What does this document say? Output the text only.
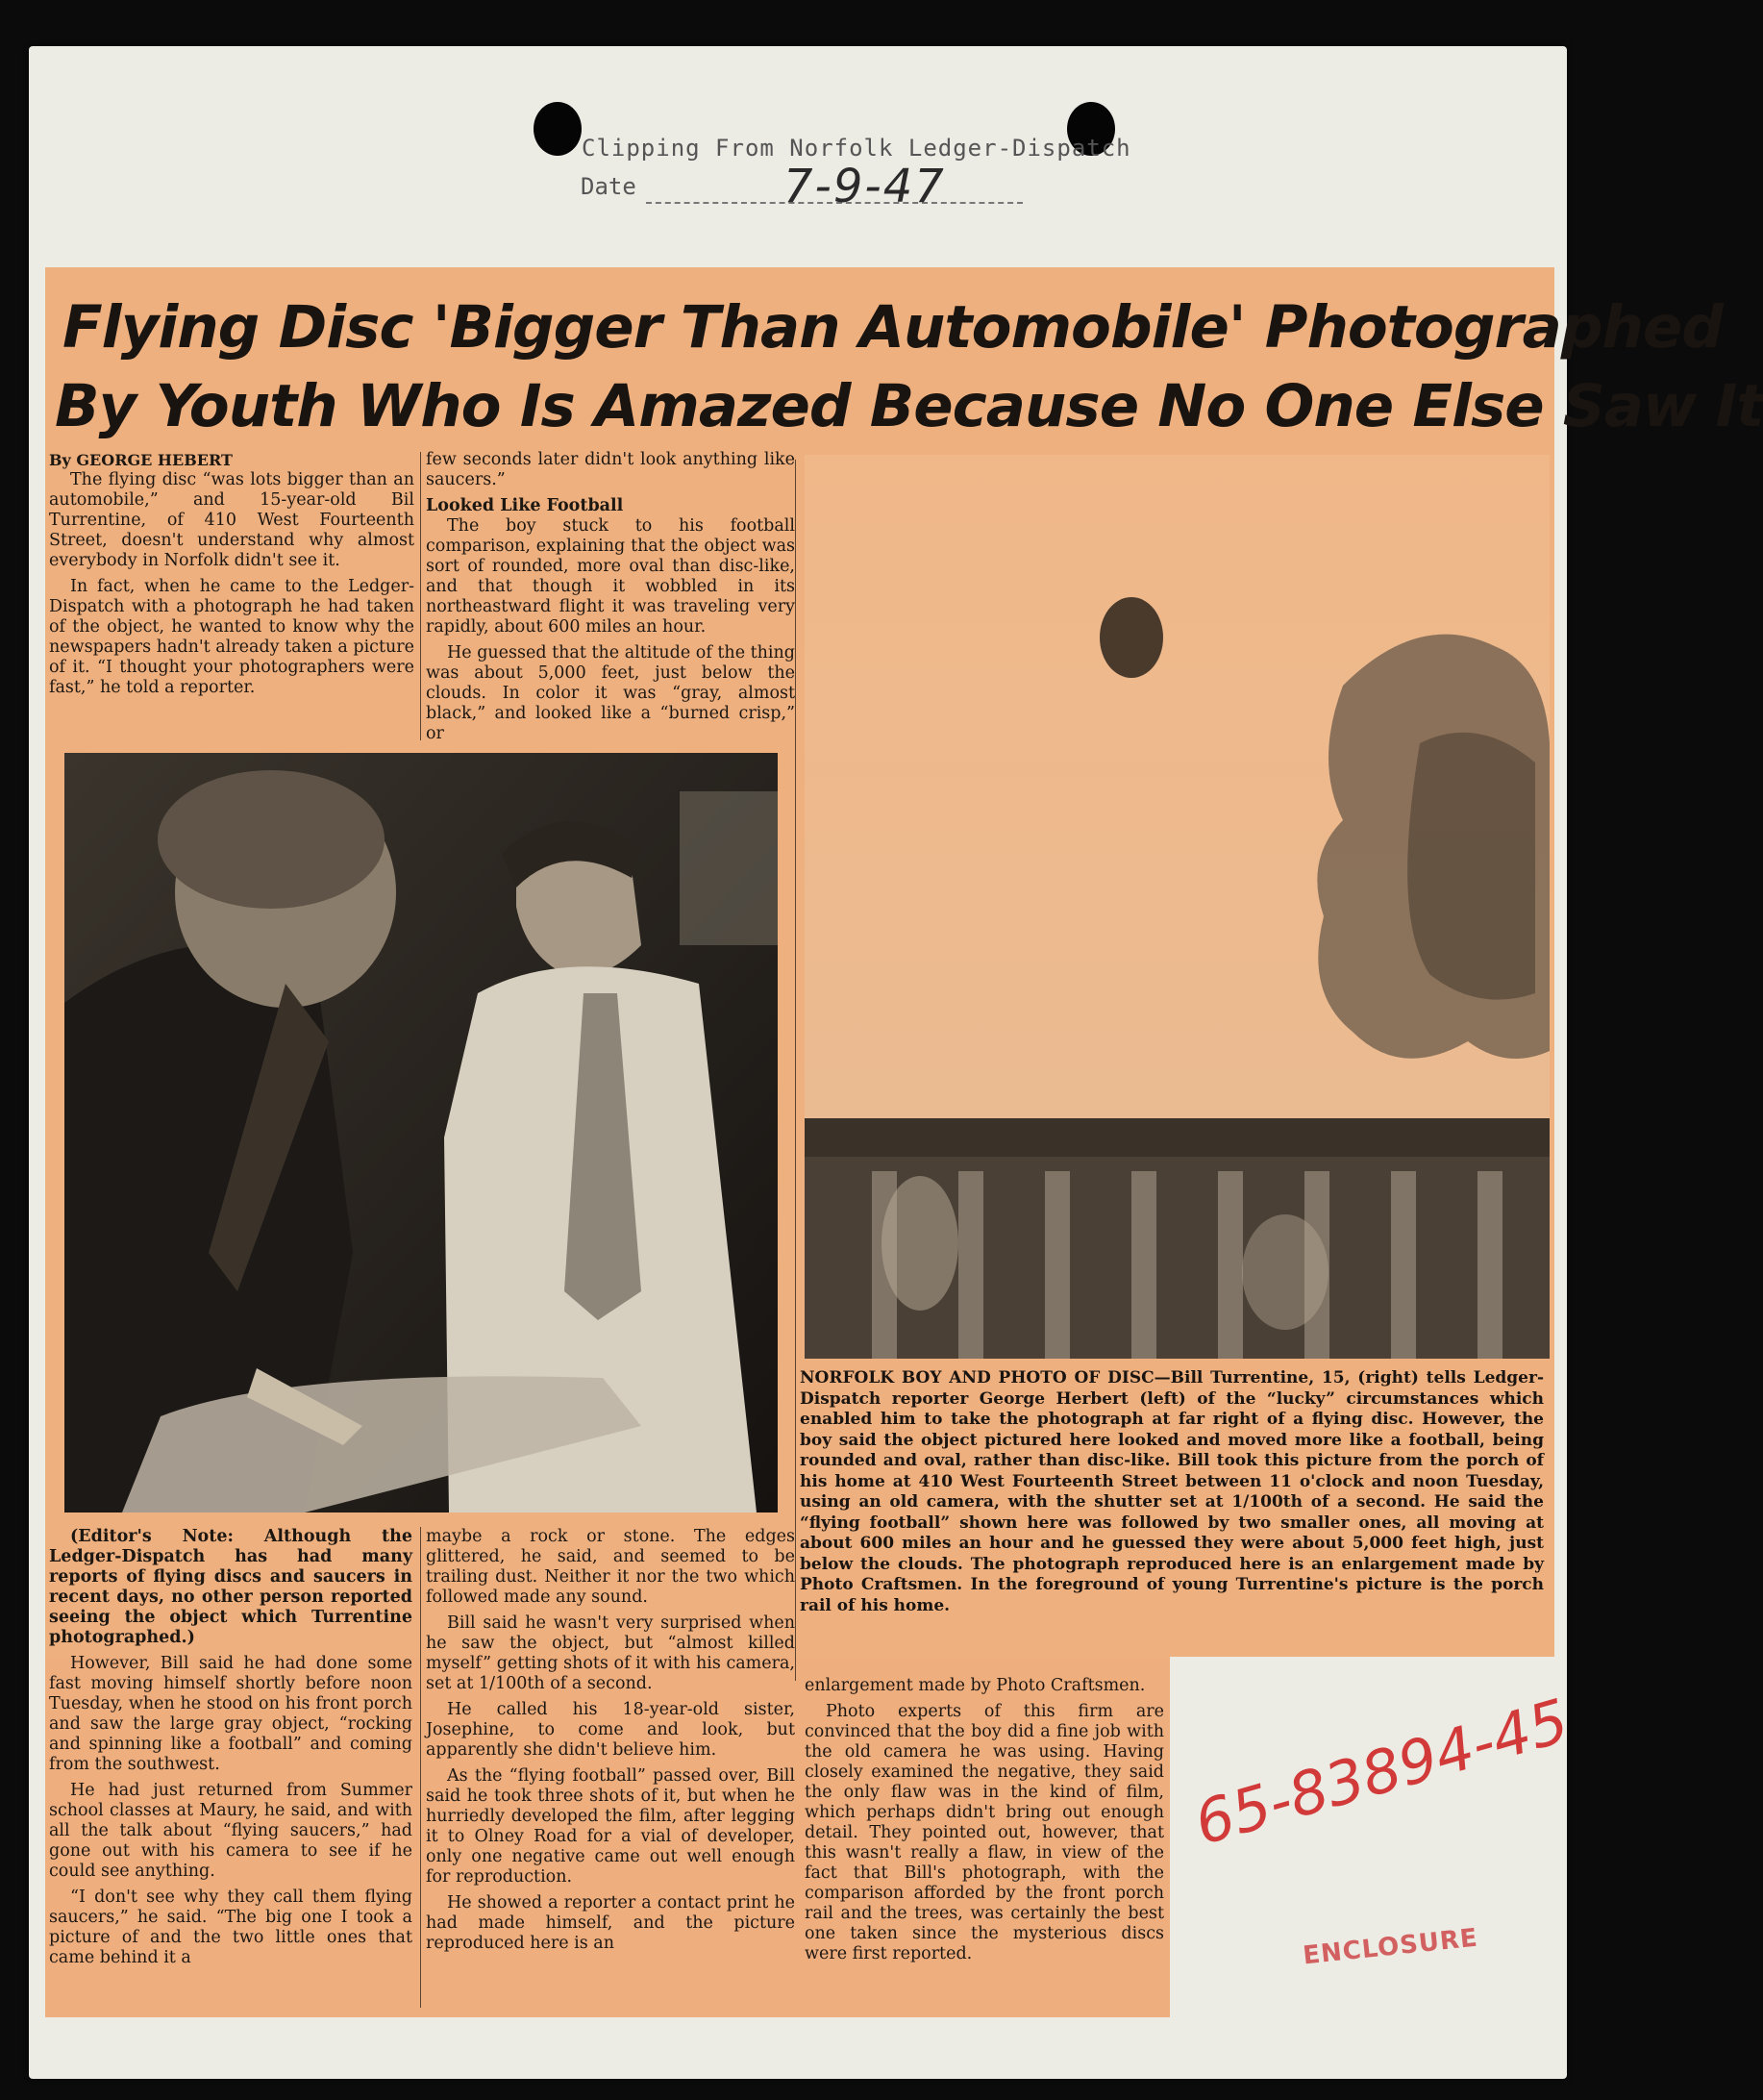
Clipping From Norfolk Ledger-Dispatch
Date	7-9-47
Flying Disc 'Bigger Than Automobile' Photographed
By Youth Who Is Amazed Because No One Else Saw It

By GEORGE HEBERT

The flying disc “was lots bigger than an automobile,” and 15-year-old Bil Turrentine, of 410 West Fourteenth Street, doesn't understand why almost everybody in Norfolk didn't see it.

In fact, when he came to the Ledger-Dispatch with a photograph he had taken of the object, he wanted to know why the newspapers hadn't already taken a picture of it. “I thought your photographers were fast,” he told a reporter.

few seconds later didn't look anything like saucers.”

Looked Like Football

The boy stuck to his football comparison, explaining that the object was sort of rounded, more oval than disc-like, and that though it wobbled in its northeastward flight it was traveling very rapidly, about 600 miles an hour.

He guessed that the altitude of the thing was about 5,000 feet, just below the clouds. In color it was “gray, almost black,” and looked like a “burned crisp,” or

NORFOLK BOY AND PHOTO OF DISC—Bill Turrentine, 15, (right) tells Ledger-Dispatch reporter George Herbert (left) of the “lucky” circumstances which enabled him to take the photograph at far right of a flying disc. However, the boy said the object pictured here looked and moved more like a football, being rounded and oval, rather than disc-like. Bill took this picture from the porch of his home at 410 West Fourteenth Street between 11 o'clock and noon Tuesday, using an old camera, with the shutter set at 1/100th of a second. He said the “flying football” shown here was followed by two smaller ones, all moving at about 600 miles an hour and he guessed they were about 5,000 feet high, just below the clouds. The photograph reproduced here is an enlargement made by Photo Craftsmen. In the foreground of young Turrentine's picture is the porch rail of his home.

(Editor's Note: Although the Ledger-Dispatch has had many reports of flying discs and saucers in recent days, no other person reported seeing the object which Turrentine photographed.)

However, Bill said he had done some fast moving himself shortly before noon Tuesday, when he stood on his front porch and saw the large gray object, “rocking and spinning like a football” and coming from the southwest.

He had just returned from Summer school classes at Maury, he said, and with all the talk about “flying saucers,” had gone out with his camera to see if he could see anything.

“I don't see why they call them flying saucers,” he said. “The big one I took a picture of and the two little ones that came behind it a

maybe a rock or stone. The edges glittered, he said, and seemed to be trailing dust. Neither it nor the two which followed made any sound.

Bill said he wasn't very surprised when he saw the object, but “almost killed myself” getting shots of it with his camera, set at 1/100th of a second.

He called his 18-year-old sister, Josephine, to come and look, but apparently she didn't believe him.

As the “flying football” passed over, Bill said he took three shots of it, but when he hurriedly developed the film, after legging it to Olney Road for a vial of developer, only one negative came out well enough for reproduction.

He showed a reporter a contact print he had made himself, and the picture reproduced here is an

enlargement made by Photo Craftsmen.

Photo experts of this firm are convinced that the boy did a fine job with the old camera he was using. Having closely examined the negative, they said the only flaw was in the kind of film, which perhaps didn't bring out enough detail. They pointed out, however, that this wasn't really a flaw, in view of the fact that Bill's photograph, with the comparison afforded by the front porch rail and the trees, was certainly the best one taken since the mysterious discs were first reported.

65-83894-45
ENCLOSURE
